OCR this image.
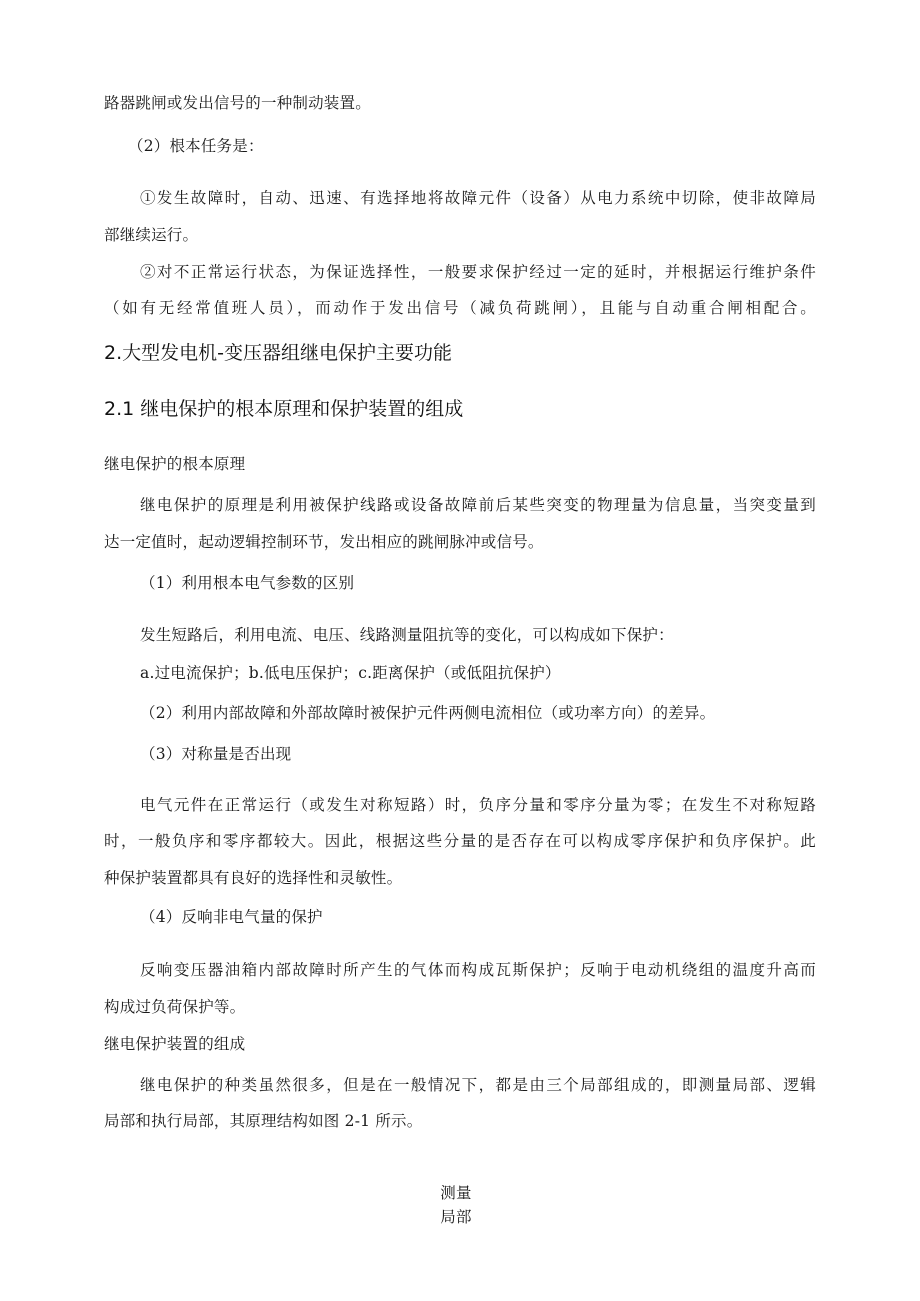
路器跳闸或发出信号的一种制动装置。
（2）根本任务是：
①发生故障时，自动、迅速、有选择地将故障元件（设备）从电力系统中切除，使非故障局
部继续运行。
②对不正常运行状态，为保证选择性，一般要求保护经过一定的延时，并根据运行维护条件
（如有无经常值班人员），而动作于发出信号（减负荷跳闸），且能与自动重合闸相配合。
2.大型发电机-变压器组继电保护主要功能
2.1 继电保护的根本原理和保护装置的组成
继电保护的根本原理
继电保护的原理是利用被保护线路或设备故障前后某些突变的物理量为信息量，当突变量到
达一定值时，起动逻辑控制环节，发出相应的跳闸脉冲或信号。
（1）利用根本电气参数的区别
发生短路后，利用电流、电压、线路测量阻抗等的变化，可以构成如下保护：
a.过电流保护；b.低电压保护；c.距离保护（或低阻抗保护）
（2）利用内部故障和外部故障时被保护元件两侧电流相位（或功率方向）的差异。
（3）对称量是否出现
电气元件在正常运行（或发生对称短路）时，负序分量和零序分量为零；在发生不对称短路
时，一般负序和零序都较大。因此，根据这些分量的是否存在可以构成零序保护和负序保护。此
种保护装置都具有良好的选择性和灵敏性。
（4）反响非电气量的保护
反响变压器油箱内部故障时所产生的气体而构成瓦斯保护；反响于电动机绕组的温度升高而
构成过负荷保护等。
继电保护装置的组成
继电保护的种类虽然很多，但是在一般情况下，都是由三个局部组成的，即测量局部、逻辑
局部和执行局部，其原理结构如图 2-1 所示。
测量
局部
